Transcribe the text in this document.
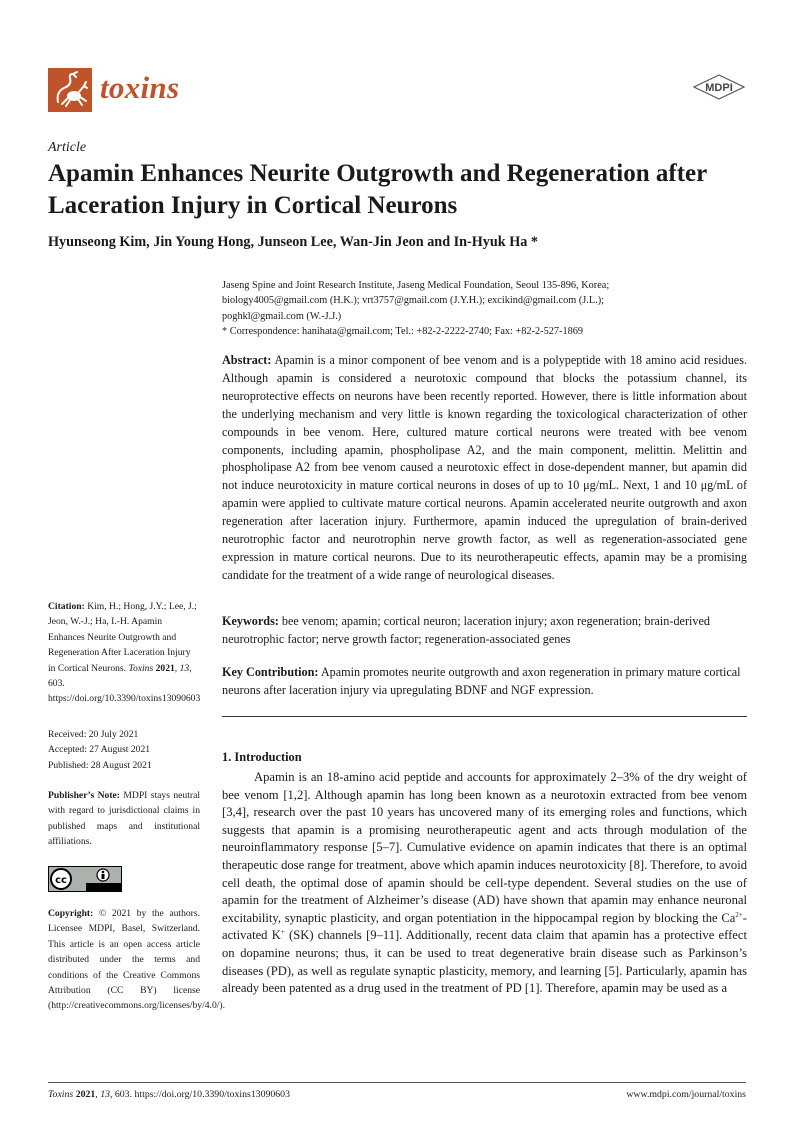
toxins	MDPI
Article
Apamin Enhances Neurite Outgrowth and Regeneration after Laceration Injury in Cortical Neurons
Hyunseong Kim, Jin Young Hong, Junseon Lee, Wan-Jin Jeon and In-Hyuk Ha *
Jaseng Spine and Joint Research Institute, Jaseng Medical Foundation, Seoul 135-896, Korea;
biology4005@gmail.com (H.K.); vrt3757@gmail.com (J.Y.H.); excikind@gmail.com (J.L.);
poghkl@gmail.com (W.-J.J.)
* Correspondence: hanihata@gmail.com; Tel.: +82-2-2222-2740; Fax: +82-2-527-1869
Abstract: Apamin is a minor component of bee venom and is a polypeptide with 18 amino acid residues. Although apamin is considered a neurotoxic compound that blocks the potassium channel, its neuroprotective effects on neurons have been recently reported. However, there is little information about the underlying mechanism and very little is known regarding the toxicological characterization of other compounds in bee venom. Here, cultured mature cortical neurons were treated with bee venom components, including apamin, phospholipase A2, and the main component, melittin. Melittin and phospholipase A2 from bee venom caused a neurotoxic effect in dose-dependent manner, but apamin did not induce neurotoxicity in mature cortical neurons in doses of up to 10 μg/mL. Next, 1 and 10 μg/mL of apamin were applied to cultivate mature cortical neurons. Apamin accelerated neurite outgrowth and axon regeneration after laceration injury. Furthermore, apamin induced the upregulation of brain-derived neurotrophic factor and neurotrophin nerve growth factor, as well as regeneration-associated gene expression in mature cortical neurons. Due to its neurotherapeutic effects, apamin may be a promising candidate for the treatment of a wide range of neurological diseases.
Keywords: bee venom; apamin; cortical neuron; laceration injury; axon regeneration; brain-derived neurotrophic factor; nerve growth factor; regeneration-associated genes
Key Contribution: Apamin promotes neurite outgrowth and axon regeneration in primary mature cortical neurons after laceration injury via upregulating BDNF and NGF expression.
1. Introduction
Apamin is an 18-amino acid peptide and accounts for approximately 2–3% of the dry weight of bee venom [1,2]. Although apamin has long been known as a neurotoxin extracted from bee venom [3,4], research over the past 10 years has uncovered many of its emerging roles and functions, which suggests that apamin is a promising neurotherapeutic agent and acts through modulation of the neuroinflammatory response [5–7]. Cumulative evidence on apamin indicates that there is an optimal therapeutic dose range for treatment, above which apamin induces neurotoxicity [8]. Therefore, to avoid cell death, the optimal dose of apamin should be cell-type dependent. Several studies on the use of apamin for the treatment of Alzheimer’s disease (AD) have shown that apamin may enhance neuronal excitability, synaptic plasticity, and organ potentiation in the hippocampal region by blocking the $Ca^{2+}$-activated K+ (SK) channels [9–11]. Additionally, recent data claim that apamin has a protective effect on dopamine neurons; thus, it can be used to treat degenerative brain disease such as Parkinson’s diseases (PD), as well as regulate synaptic plasticity, memory, and learning [5]. Particularly, apamin has already been patented as a drug used in the treatment of PD [1]. Therefore, apamin may be used as a
Citation: Kim, H.; Hong, J.Y.; Lee, J.; Jeon, W.-J.; Ha, I.-H. Apamin Enhances Neurite Outgrowth and Regeneration After Laceration Injury in Cortical Neurons. Toxins 2021, 13, 603. https://doi.org/10.3390/toxins13090603
Received: 20 July 2021
Accepted: 27 August 2021
Published: 28 August 2021
Publisher’s Note: MDPI stays neutral with regard to jurisdictional claims in published maps and institutional affiliations.
cc
Copyright: © 2021 by the authors. Licensee MDPI, Basel, Switzerland. This article is an open access article distributed under the terms and conditions of the Creative Commons Attribution (CC BY) license (http://creativecommons.org/licenses/by/4.0/).
Toxins 2021, 13, 603. https://doi.org/10.3390/toxins13090603	www.mdpi.com/journal/toxins
